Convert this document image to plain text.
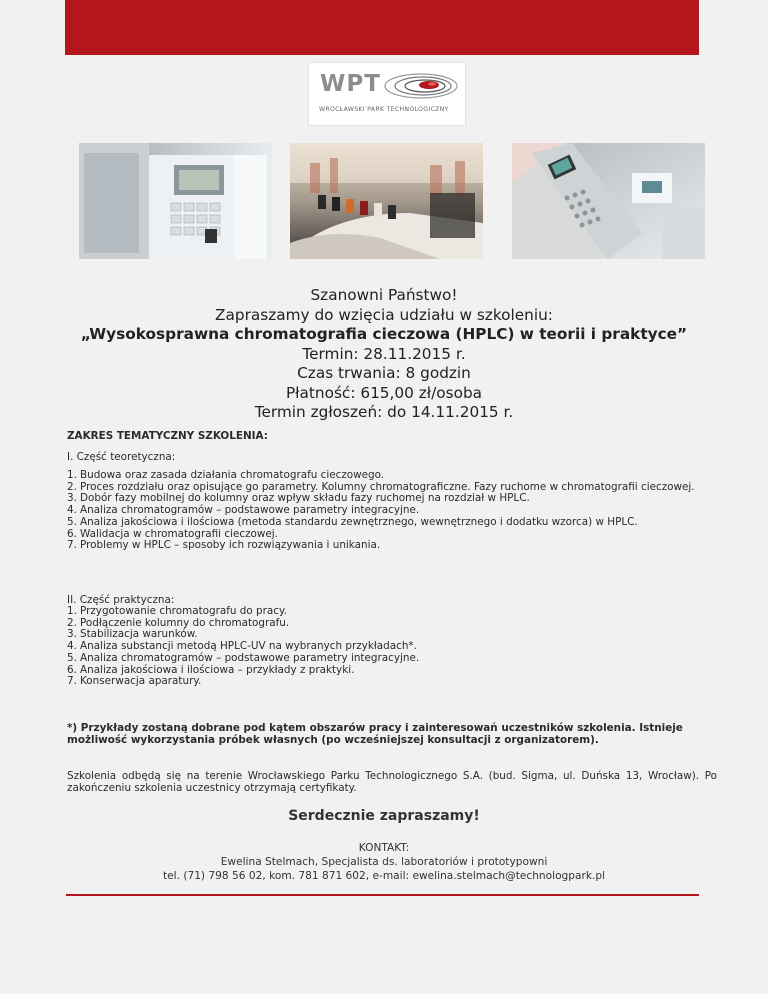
WPT
WROCŁAWSKI PARK TECHNOLOGICZNY
Szanowni Państwo!
Zapraszamy do wzięcia udziału w szkoleniu:
„Wysokosprawna chromatografia cieczowa (HPLC) w teorii i praktyce”
Termin: 28.11.2015 r.
Czas trwania: 8 godzin
Płatność: 615,00 zł/osoba
Termin zgłoszeń: do 14.11.2015 r.
ZAKRES TEMATYCZNY SZKOLENIA:
I. Część teoretyczna:
1. Budowa oraz zasada działania chromatografu cieczowego.
2. Proces rozdziału oraz opisujące go parametry. Kolumny chromatograficzne. Fazy ruchome w chromatografii cieczowej.
3. Dobór fazy mobilnej do kolumny oraz wpływ składu fazy ruchomej na rozdział w HPLC.
4. Analiza chromatogramów – podstawowe parametry integracyjne.
5. Analiza jakościowa i ilościowa (metoda standardu zewnętrznego, wewnętrznego i dodatku wzorca) w HPLC.
6. Walidacja w chromatografii cieczowej.
7. Problemy w HPLC – sposoby ich rozwiązywania i unikania.
II. Część praktyczna:
1. Przygotowanie chromatografu do pracy.
2. Podłączenie kolumny do chromatografu.
3. Stabilizacja warunków.
4. Analiza substancji metodą HPLC-UV na wybranych przykładach*.
5. Analiza chromatogramów – podstawowe parametry integracyjne.
6. Analiza jakościowa i ilościowa – przykłady z praktyki.
7. Konserwacja aparatury.
*) Przykłady zostaną dobrane pod kątem obszarów pracy i zainteresowań uczestników szkolenia. Istnieje możliwość wykorzystania próbek własnych (po wcześniejszej konsultacji z organizatorem).
Szkolenia odbędą się na terenie Wrocławskiego Parku Technologicznego S.A. (bud. Sigma, ul. Duńska 13, Wrocław). Po zakończeniu szkolenia uczestnicy otrzymają certyfikaty.
Serdecznie zapraszamy!
KONTAKT:
Ewelina Stelmach, Specjalista ds. laboratoriów i prototypowni
tel. (71) 798 56 02, kom. 781 871 602, e-mail: ewelina.stelmach@technologpark.pl
